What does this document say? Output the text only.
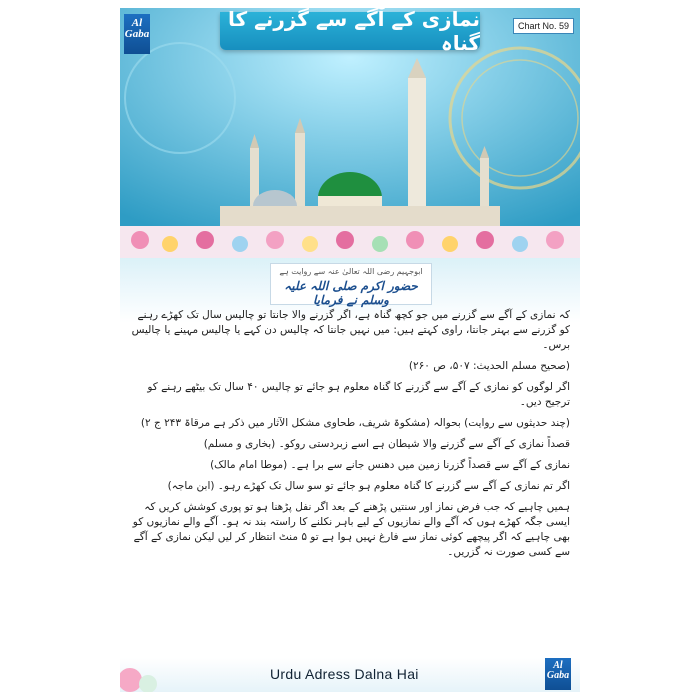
Al Gaba
نمازی کے آگے سے گزرنے کا گناہ
Chart No. 59
ابوجہیم رضی اللہ تعالیٰ عنہ سے روایت ہے
حضور اکرم صلی اللہ علیہ وسلم نے فرمایا

کہ نمازی کے آگے سے گزرنے میں جو کچھ گناہ ہے، اگر گزرنے والا جانتا تو چالیس سال تک کھڑے رہنے کو گزرنے سے بہتر جانتا، راوی کہتے ہیں: میں نہیں جانتا کہ چالیس دن کہے یا چالیس مہینے یا چالیس برس۔

(صحیح مسلم الحدیث: ۵۰۷، ص ۲۶۰)

اگر لوگوں کو نمازی کے آگے سے گزرنے کا گناہ معلوم ہو جائے تو چالیس ۴۰ سال تک بیٹھے رہنے کو ترجیح دیں۔

(چند حدیثوں سے روایت) بحوالہ (مشکوۃ شریف، طحاوی مشکل الآثار میں ذکر ہے مرقاۃ ۲۴۳ ج ۲)

قصداً نمازی کے آگے سے گزرنے والا شیطان ہے اسے زبردستی روکو۔ (بخاری و مسلم)

نمازی کے آگے سے قصداً گزرنا زمین میں دھنس جانے سے برا ہے۔ (موطا امام مالک)

اگر تم نمازی کے آگے سے گزرنے کا گناہ معلوم ہو جائے تو سو سال تک کھڑے رہو۔ (ابن ماجہ)

ہمیں چاہیے کہ جب فرض نماز اور سنتیں پڑھنے کے بعد اگر نفل پڑھنا ہو تو پوری کوشش کریں کہ ایسی جگہ کھڑے ہوں کہ آگے والے نمازیوں کے لیے باہر نکلنے کا راستہ بند نہ ہو۔ آگے والے نمازیوں کو بھی چاہیے کہ اگر پیچھے کوئی نماز سے فارغ نہیں ہوا ہے تو ۵ منٹ انتظار کر لیں لیکن نمازی کے آگے سے کسی صورت نہ گزریں۔

Urdu Adress Dalna Hai
Al Gaba
